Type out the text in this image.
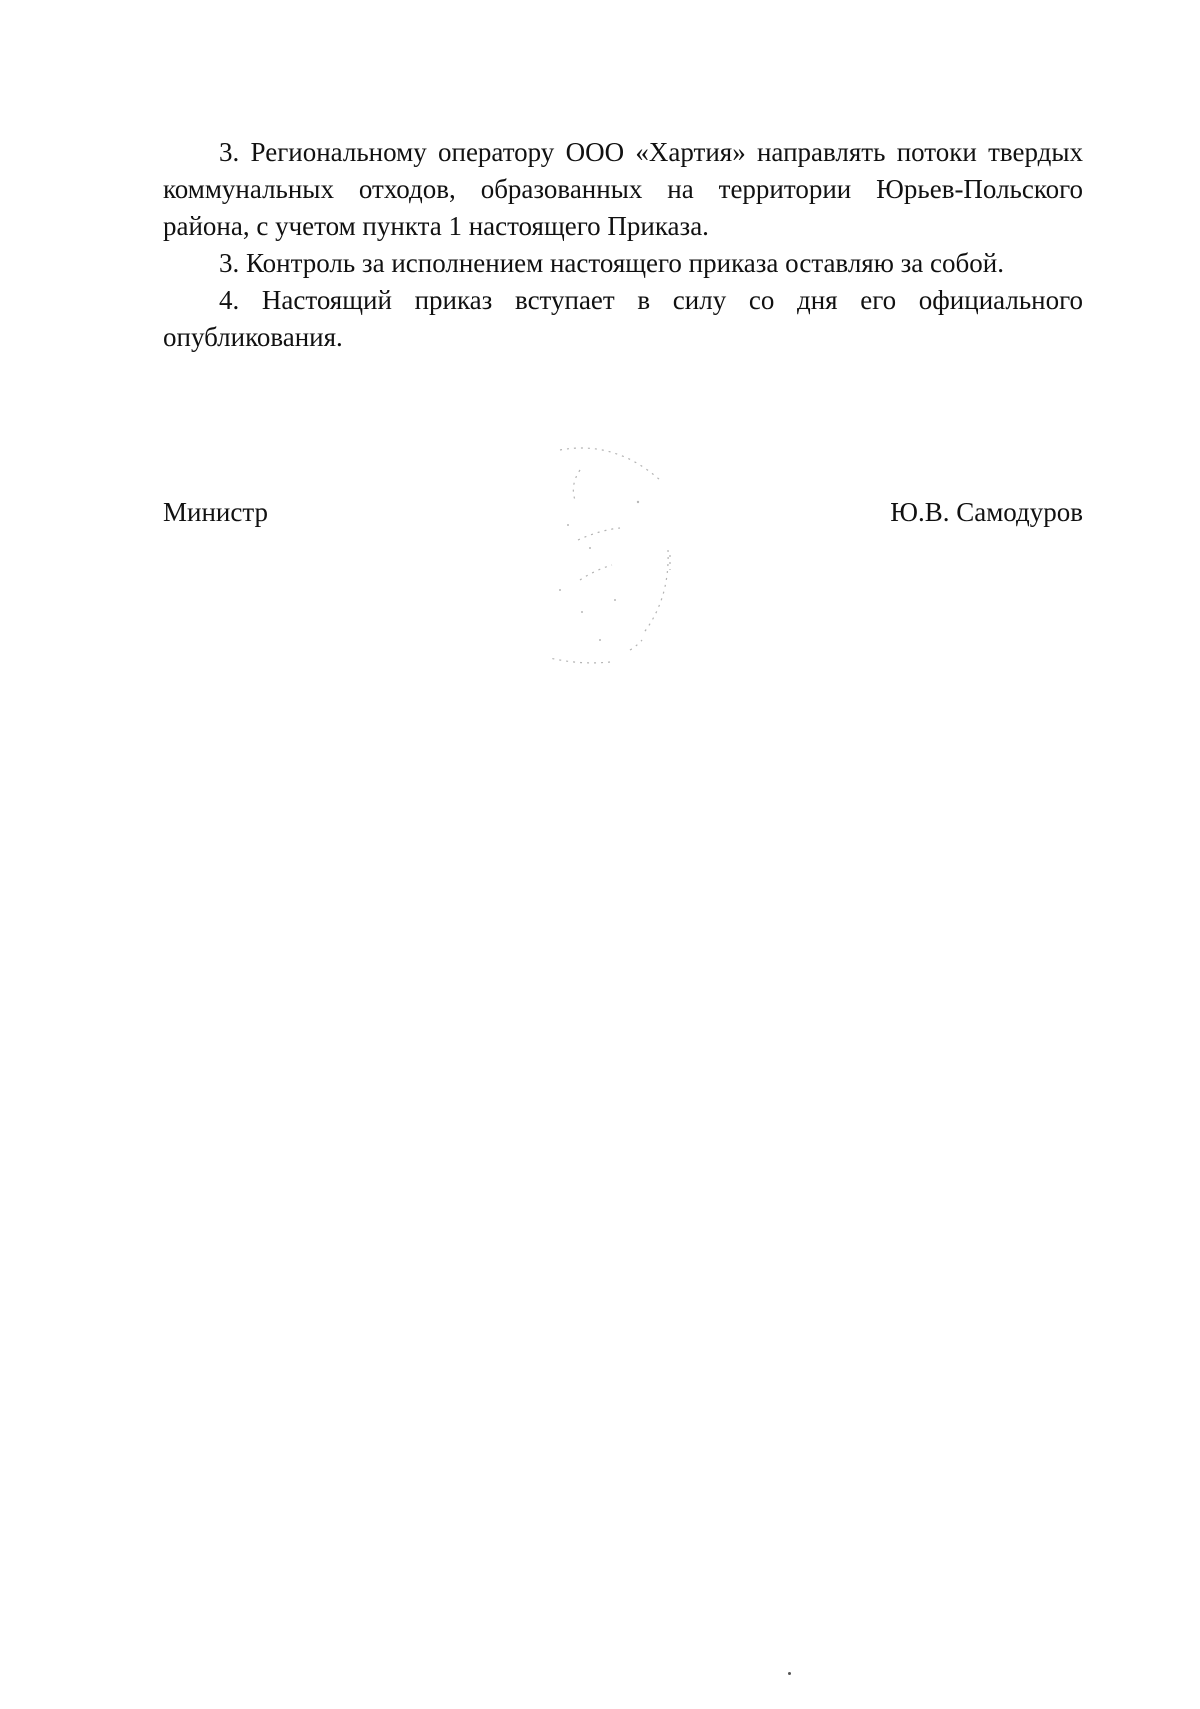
3. Региональному оператору ООО «Хартия» направлять потоки твердых коммунальных отходов, образованных на территории Юрьев-Польского района, с учетом пункта 1 настоящего Приказа.

3. Контроль за исполнением настоящего приказа оставляю за собой.

4. Настоящий приказ вступает в силу со дня его официального опубликования.

Министр	Ю.В. Самодуров
